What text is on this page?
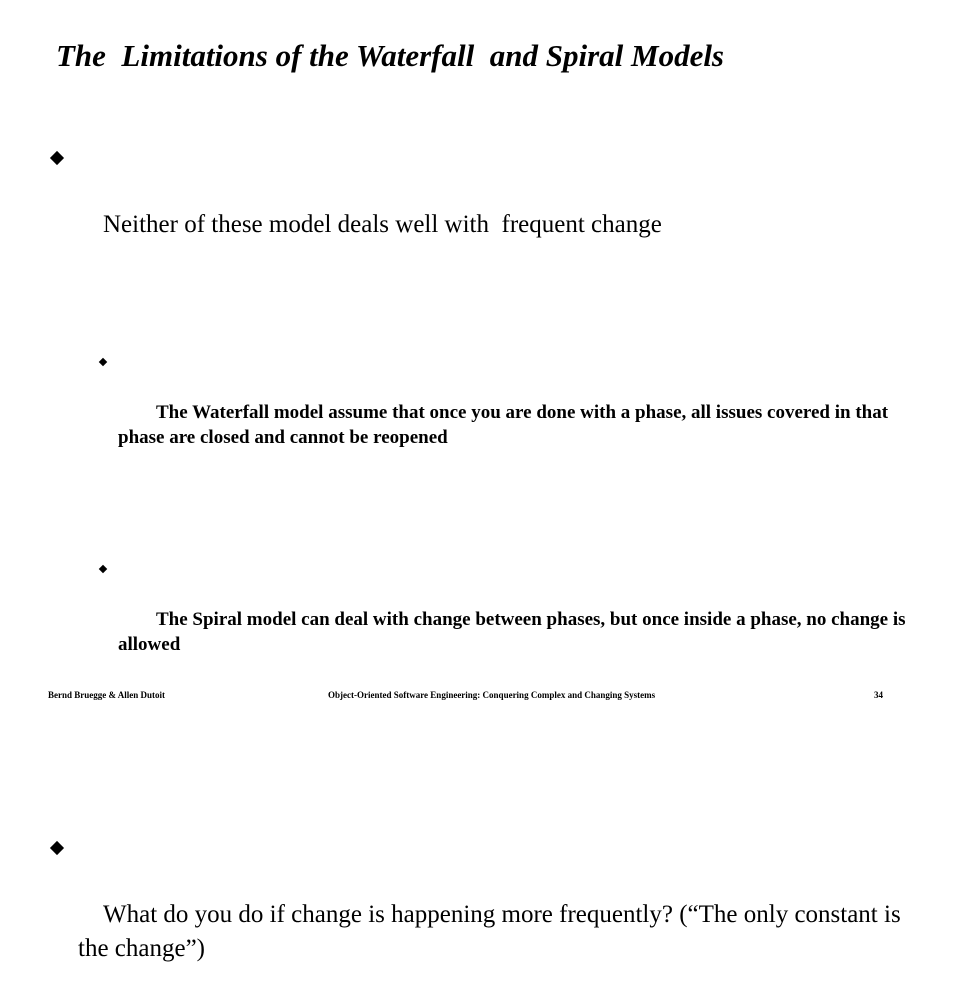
The  Limitations of the Waterfall  and Spiral Models

Neither of these model deals well with  frequent change

The Waterfall model assume that once you are done with a phase, all issues covered in that phase are closed and cannot be reopened

The Spiral model can deal with change between phases, but once inside a phase, no change is allowed

What do you do if change is happening more frequently? (“The only constant is the change”)

Bernd Bruegge & Allen Dutoit	Object-Oriented Software Engineering: Conquering Complex and Changing Systems	34
